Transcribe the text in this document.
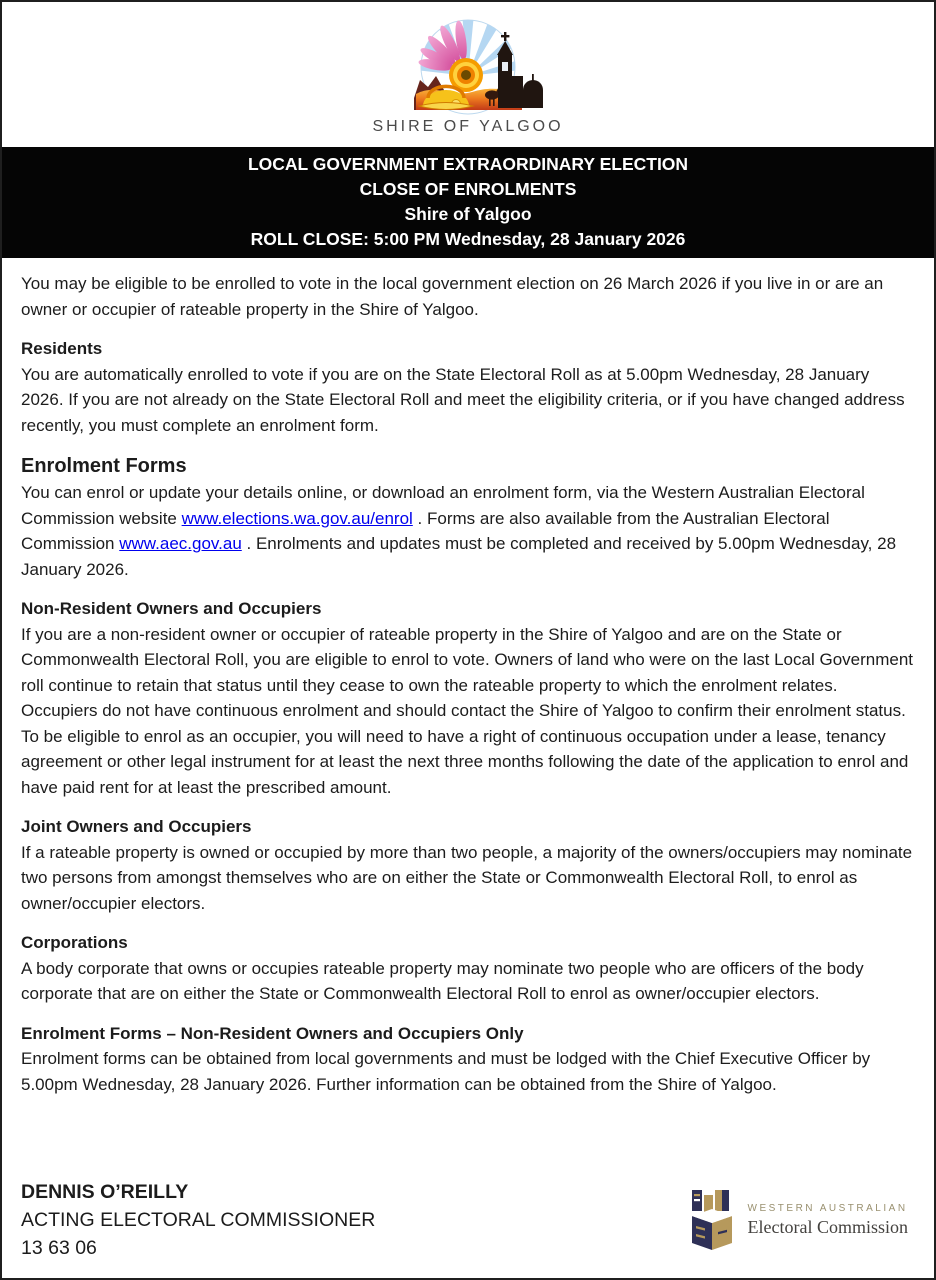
SHIRE OF YALGOO
LOCAL GOVERNMENT EXTRAORDINARY ELECTION
CLOSE OF ENROLMENTS
Shire of Yalgoo
ROLL CLOSE: 5:00 PM Wednesday, 28 January 2026

You may be eligible to be enrolled to vote in the local government election on 26 March 2026 if you live in or are an owner or occupier of rateable property in the Shire of Yalgoo.

Residents

You are automatically enrolled to vote if you are on the State Electoral Roll as at 5.00pm Wednesday, 28 January 2026. If you are not already on the State Electoral Roll and meet the eligibility criteria, or if you have changed address recently, you must complete an enrolment form.

Enrolment Forms

You can enrol or update your details online, or download an enrolment form, via the Western Australian Electoral Commission website www.elections.wa.gov.au/enrol . Forms are also available from the Australian Electoral Commission www.aec.gov.au . Enrolments and updates must be completed and received by 5.00pm Wednesday, 28 January 2026.

Non-Resident Owners and Occupiers

If you are a non-resident owner or occupier of rateable property in the Shire of Yalgoo and are on the State or Commonwealth Electoral Roll, you are eligible to enrol to vote. Owners of land who were on the last Local Government roll continue to retain that status until they cease to own the rateable property to which the enrolment relates. Occupiers do not have continuous enrolment and should contact the Shire of Yalgoo to confirm their enrolment status. To be eligible to enrol as an occupier, you will need to have a right of continuous occupation under a lease, tenancy agreement or other legal instrument for at least the next three months following the date of the application to enrol and have paid rent for at least the prescribed amount.

Joint Owners and Occupiers

If a rateable property is owned or occupied by more than two people, a majority of the owners/occupiers may nominate two persons from amongst themselves who are on either the State or Commonwealth Electoral Roll, to enrol as owner/occupier electors.

Corporations

A body corporate that owns or occupies rateable property may nominate two people who are officers of the body corporate that are on either the State or Commonwealth Electoral Roll to enrol as owner/occupier electors.

Enrolment Forms – Non-Resident Owners and Occupiers Only

Enrolment forms can be obtained from local governments and must be lodged with the Chief Executive Officer by 5.00pm Wednesday, 28 January 2026. Further information can be obtained from the Shire of Yalgoo.

DENNIS O’REILLY
ACTING ELECTORAL COMMISSIONER
13 63 06
WESTERN AUSTRALIAN
Electoral Commission
